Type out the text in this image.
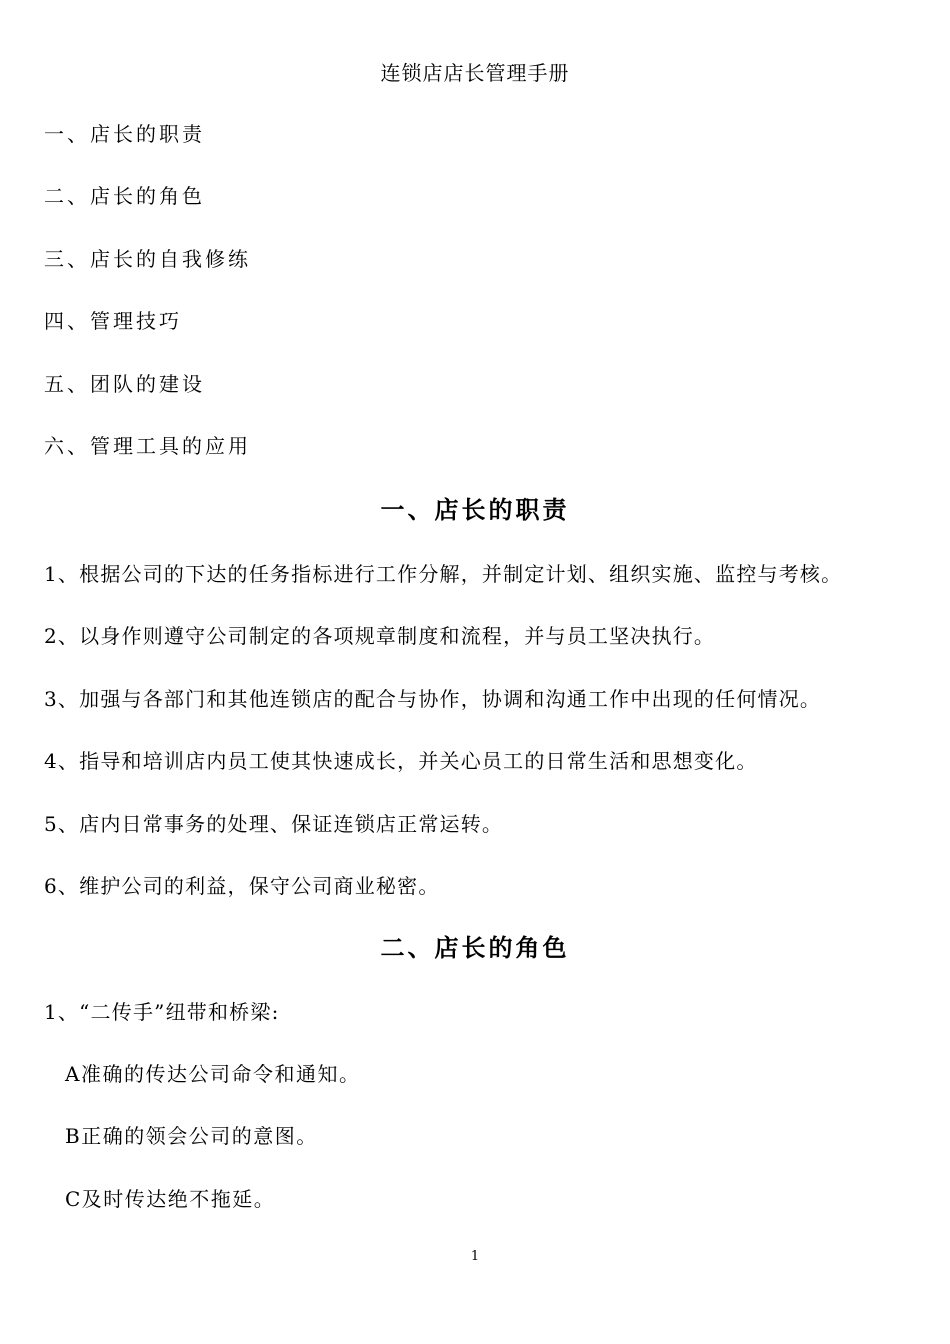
连锁店店长管理手册
一、店长的职责
二、店长的角色
三、店长的自我修练
四、管理技巧
五、团队的建设
六、管理工具的应用
一、店长的职责
1、根据公司的下达的任务指标进行工作分解，并制定计划、组织实施、监控与考核。
2、以身作则遵守公司制定的各项规章制度和流程，并与员工坚决执行。
3、加强与各部门和其他连锁店的配合与协作，协调和沟通工作中出现的任何情况。
4、指导和培训店内员工使其快速成长，并关心员工的日常生活和思想变化。
5、店内日常事务的处理、保证连锁店正常运转。
6、维护公司的利益，保守公司商业秘密。
二、店长的角色
1、“二传手”纽带和桥梁:
A准确的传达公司命令和通知。
B正确的领会公司的意图。
C及时传达绝不拖延。
1
